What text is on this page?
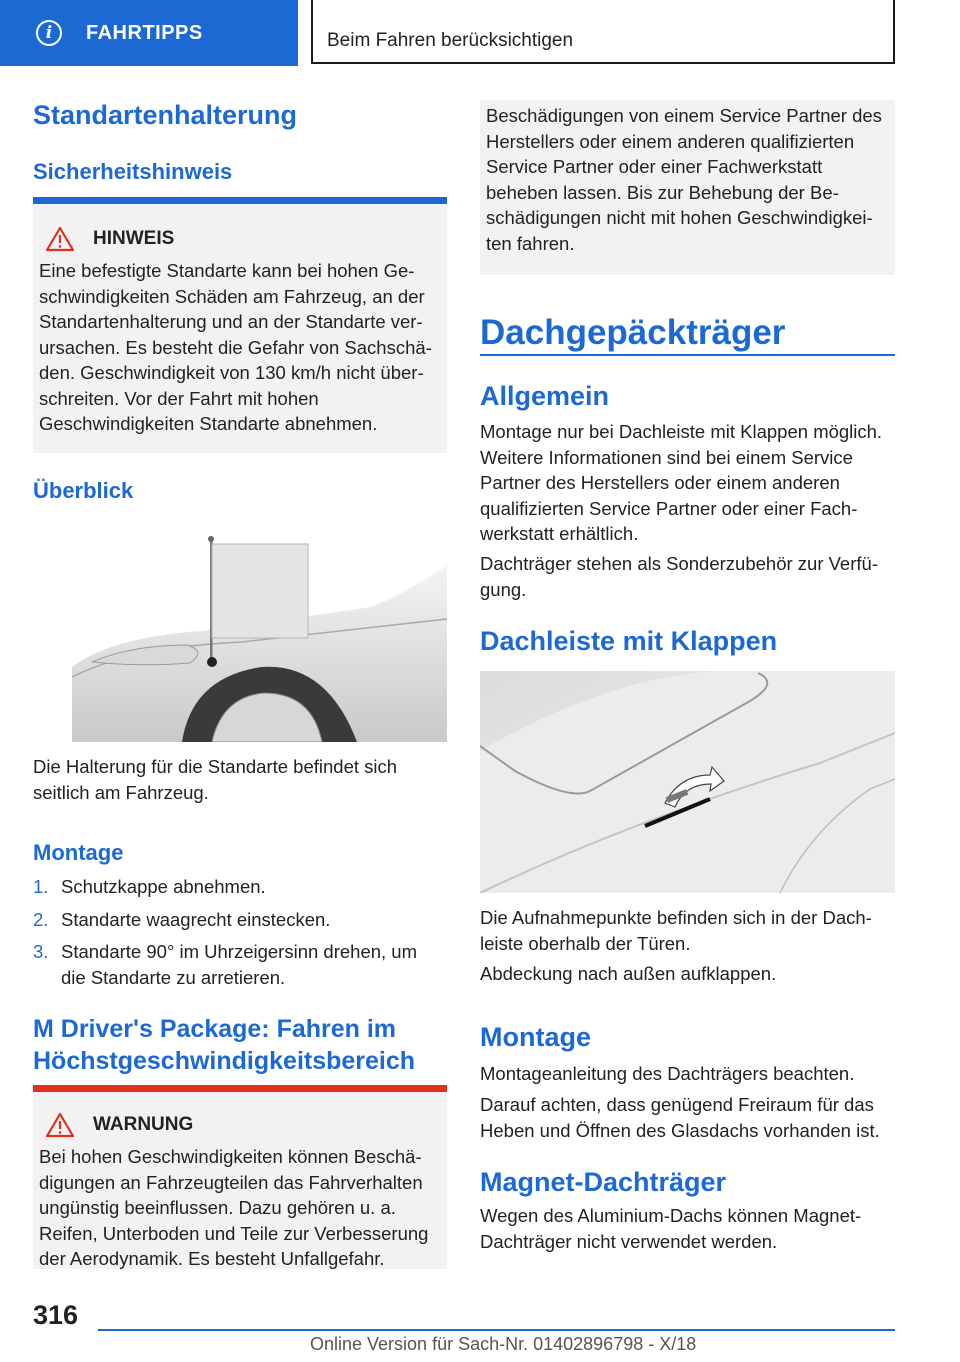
i	FAHRTIPPS	Beim Fahren berücksichtigen
Standartenhalterung
Sicherheitshinweis
HINWEIS
Eine befestigte Standarte kann bei hohen Geschwindigkeiten Schäden am Fahrzeug, an der Standartenhalterung und an der Standarte verursachen. Es besteht die Gefahr von Sachschäden. Geschwindigkeit von 130 km/h nicht überschreiten. Vor der Fahrt mit hohen Geschwindigkeiten Standarte abnehmen.
Überblick
Die Halterung für die Standarte befindet sich seitlich am Fahrzeug.
Montage
1. Schutzkappe abnehmen.
2. Standarte waagrecht einstecken.
3. Standarte 90° im Uhrzeigersinn drehen, um die Standarte zu arretieren.
M Driver's Package: Fahren im Höchstgeschwindigkeitsbereich
WARNUNG
Bei hohen Geschwindigkeiten können Beschädigungen an Fahrzeugteilen das Fahrverhalten ungünstig beeinflussen. Dazu gehören u. a. Reifen, Unterboden und Teile zur Verbesserung der Aerodynamik. Es besteht Unfallgefahr.
Beschädigungen von einem Service Partner des Herstellers oder einem anderen qualifizierten Service Partner oder einer Fachwerkstatt beheben lassen. Bis zur Behebung der Beschädigungen nicht mit hohen Geschwindigkeiten fahren.
Dachgepäckträger
Allgemein
Montage nur bei Dachleiste mit Klappen möglich. Weitere Informationen sind bei einem Service Partner des Herstellers oder einem anderen qualifizierten Service Partner oder einer Fachwerkstatt erhältlich.
Dachträger stehen als Sonderzubehör zur Verfügung.
Dachleiste mit Klappen
Die Aufnahmepunkte befinden sich in der Dachleiste oberhalb der Türen.
Abdeckung nach außen aufklappen.
Montage
Montageanleitung des Dachträgers beachten.
Darauf achten, dass genügend Freiraum für das Heben und Öffnen des Glasdachs vorhanden ist.
Magnet-Dachträger
Wegen des Aluminium-Dachs können Magnet-Dachträger nicht verwendet werden.
316
Online Version für Sach-Nr. 01402896798 - X/18
